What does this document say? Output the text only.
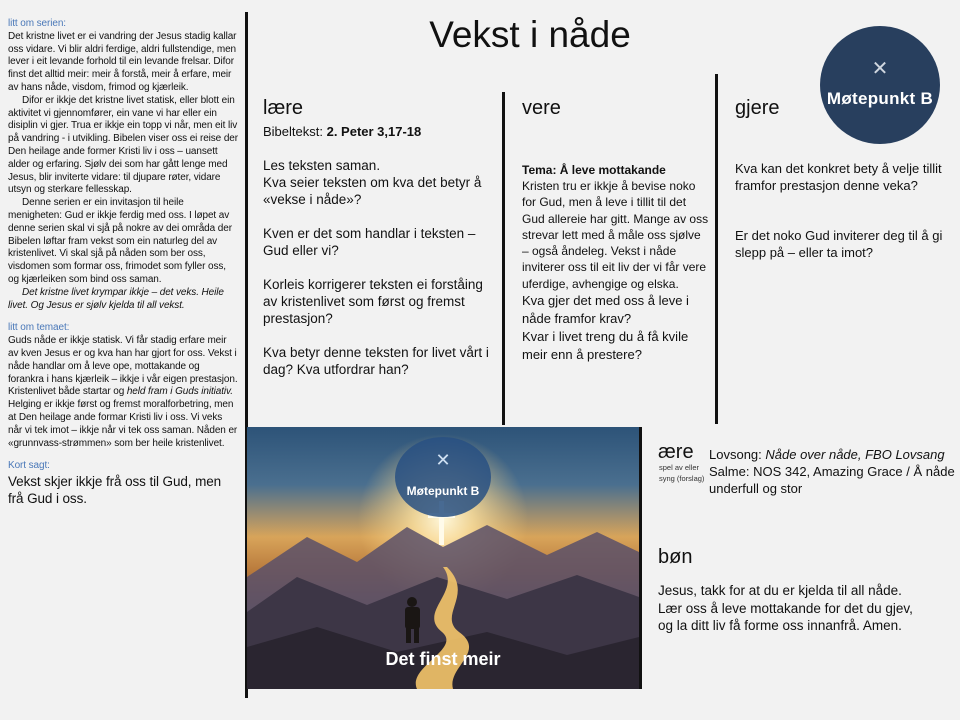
litt om serien:

Det kristne livet er ei vandring der Jesus stadig kallar oss vidare. Vi blir aldri ferdige, aldri fullstendige, men lever i eit levande forhold til ein levande frelsar. Difor finst det alltid meir: meir å forstå, meir å erfare, meir av hans nåde, visdom, frimod og kjærleik.

Difor er ikkje det kristne livet statisk, eller blott ein aktivitet vi gjennomfører, ein vane vi har eller ein disiplin vi gjer. Trua er ikkje ein topp vi når, men eit liv på vandring - i utvikling. Bibelen viser oss ei reise der Den heilage ande former Kristi liv i oss – uansett alder og erfaring. Sjølv dei som har gått lenge med Jesus, blir inviterte vidare: til djupare røter, vidare utsyn og sterkare fellesskap.

Denne serien er ein invitasjon til heile menigheten: Gud er ikkje ferdig med oss. I løpet av denne serien skal vi sjå på nokre av dei områda der Bibelen løftar fram vekst som ein naturleg del av kristenlivet. Vi skal sjå på nåden som ber oss, visdomen som formar oss, frimodet som fyller oss, og kjærleiken som bind oss saman.

Det kristne livet krympar ikkje – det veks. Heile livet. Og Jesus er sjølv kjelda til all vekst.

litt om temaet:

Guds nåde er ikkje statisk. Vi får stadig erfare meir av kven Jesus er og kva han har gjort for oss. Vekst i nåde handlar om å leve ope, mottakande og forankra i hans kjærleik – ikkje i vår eigen prestasjon. Kristenlivet både startar og held fram i Guds initiativ. Helging er ikkje først og fremst moralforbetring, men at Den heilage ande formar Kristi liv i oss. Vi veks når vi tek imot – ikkje når vi tek oss saman. Nåden er «grunnvass-strømmen» som ber heile kristenlivet.

Kort sagt:

Vekst skjer ikkje frå oss til Gud, men frå Gud i oss.

Vekst i nåde
✕
Møtepunkt B
lære
Bibeltekst: 2. Peter 3,17-18
Les teksten saman.
Kva seier teksten om kva det betyr å «vekse i nåde»?
Kven er det som handlar i teksten – Gud eller vi?
Korleis korrigerer teksten ei forståing av kristenlivet som først og fremst prestasjon?
Kva betyr denne teksten for livet vårt i dag? Kva utfordrar han?
vere
Tema: Å leve mottakande
Kristen tru er ikkje å bevise noko for Gud, men å leve i tillit til det Gud allereie har gitt. Mange av oss strevar lett med å måle oss sjølve – også åndeleg. Vekst i nåde inviterer oss til eit liv der vi får vere uferdige, avhengige og elska.
Kva gjer det med oss å leve i nåde framfor krav?
Kvar i livet treng du å få kvile meir enn å prestere?
gjere
Kva kan det konkret bety å velje tillit framfor prestasjon denne veka?
Er det noko Gud inviterer deg til å gi slepp på – eller ta imot?
✕
Møtepunkt B
Det finst meir
ære
spel av eller syng (forslag)
Lovsong: Nåde over nåde, FBO Lovsang
Salme: NOS 342, Amazing Grace / Å nåde underfull og stor
bøn
Jesus, takk for at du er kjelda til all nåde.
Lær oss å leve mottakande for det du gjev,
og la ditt liv få forme oss innanfrå. Amen.
